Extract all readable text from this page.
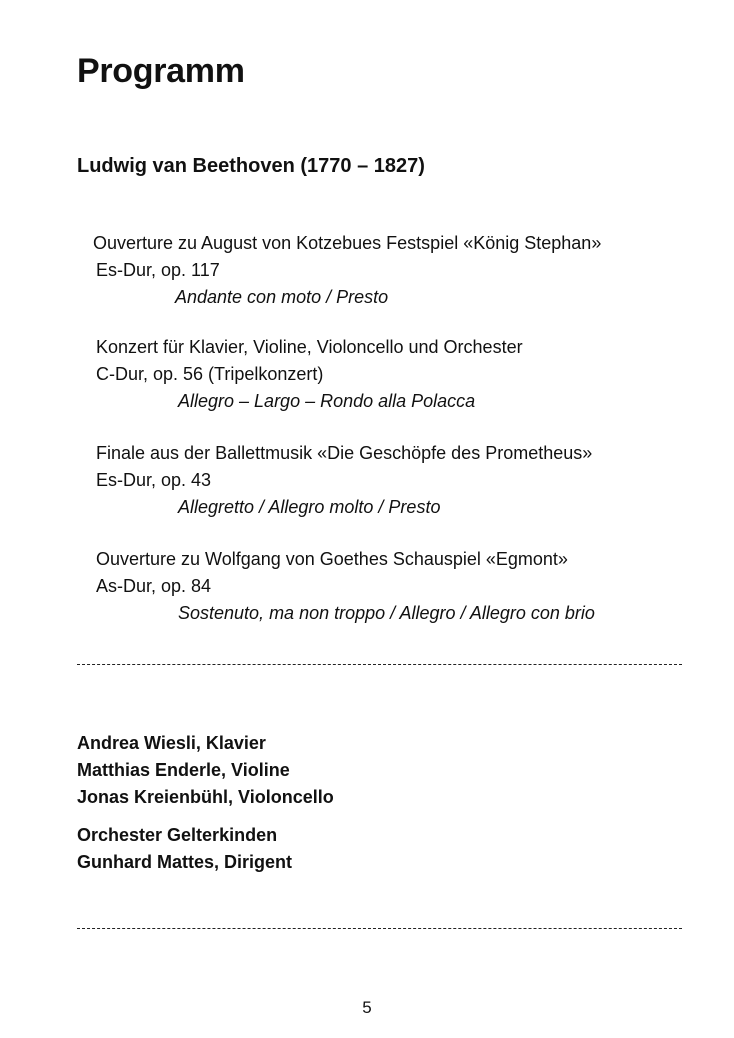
Programm
Ludwig van Beethoven (1770 – 1827)
Ouverture zu August von Kotzebues Festspiel «König Stephan»
Es-Dur, op. 117
Andante con moto / Presto
Konzert für Klavier, Violine, Violoncello und Orchester
C-Dur, op. 56 (Tripelkonzert)
Allegro – Largo – Rondo alla Polacca
Finale aus der Ballettmusik «Die Geschöpfe des Prometheus»
Es-Dur, op. 43
Allegretto / Allegro molto / Presto
Ouverture zu Wolfgang von Goethes Schauspiel «Egmont»
As-Dur, op. 84
Sostenuto, ma non troppo / Allegro / Allegro con brio
Andrea Wiesli, Klavier
Matthias Enderle, Violine
Jonas Kreienbühl, Violoncello
Orchester Gelterkinden
Gunhard Mattes, Dirigent
5
